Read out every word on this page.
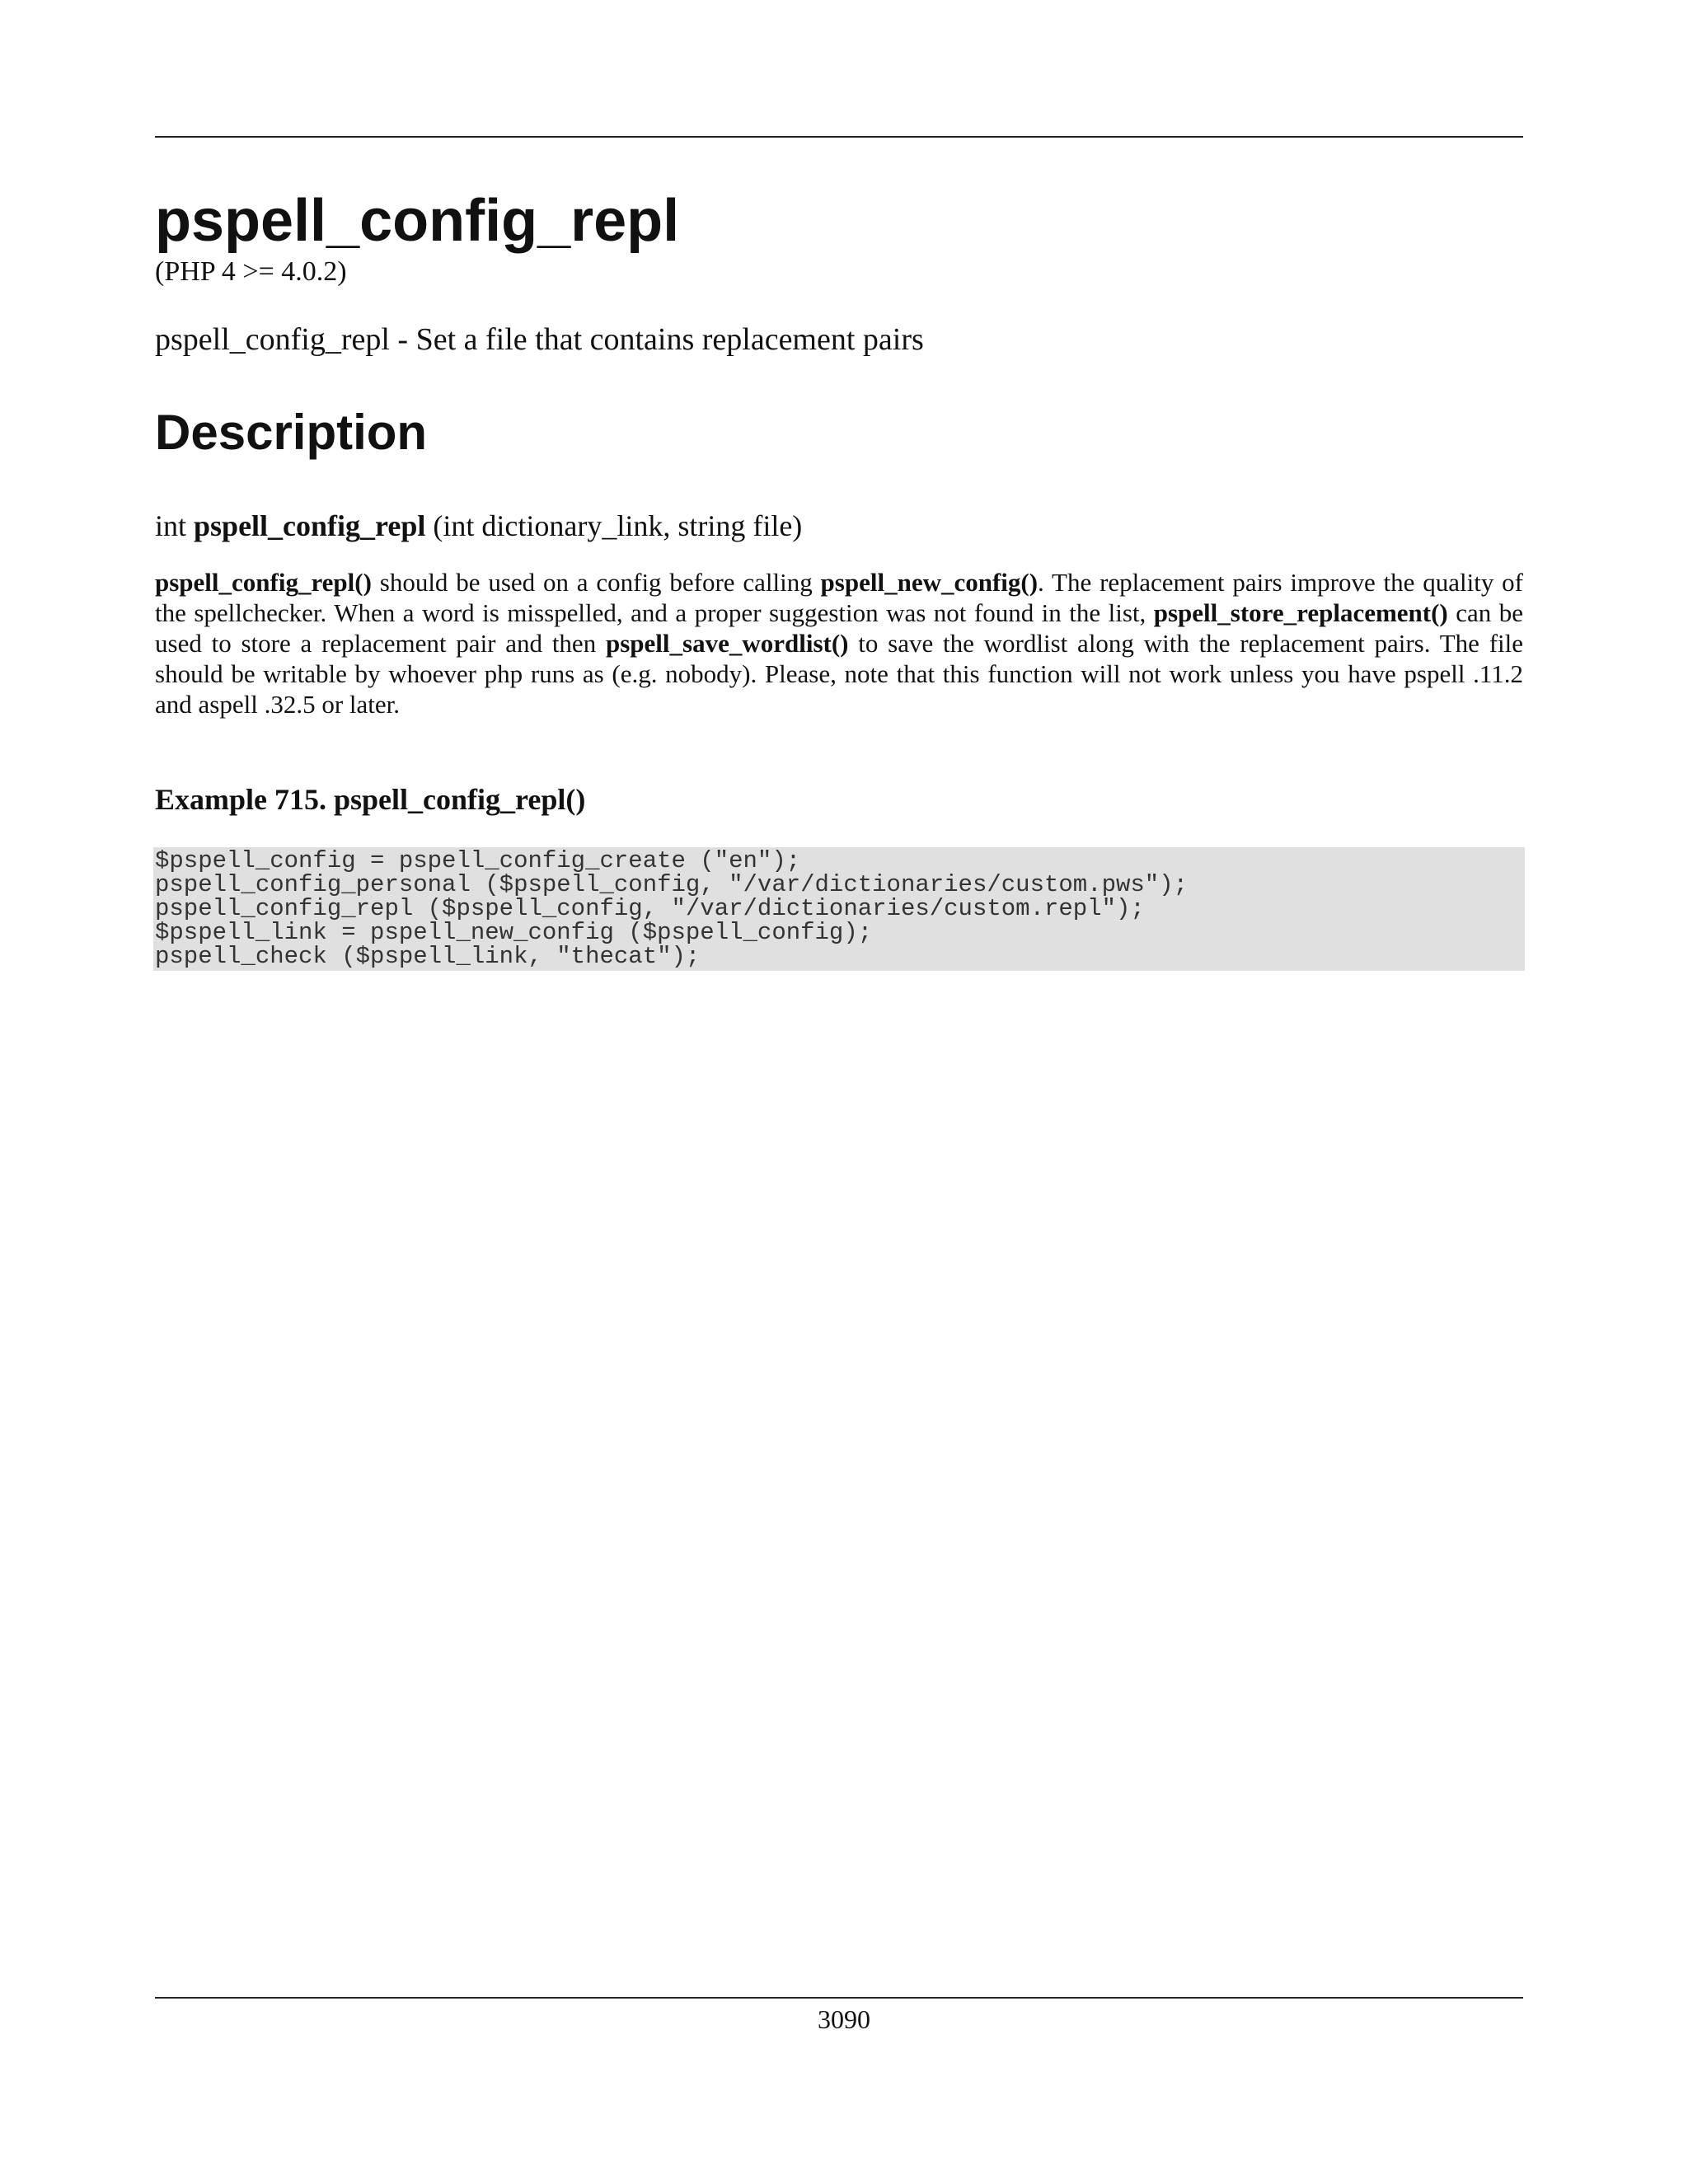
pspell_config_repl
(PHP 4 >= 4.0.2)
pspell_config_repl - Set a file that contains replacement pairs
Description
int pspell_config_repl (int dictionary_link, string file)

pspell_config_repl() should be used on a config before calling pspell_new_config(). The replacement pairs improve the quality of the spellchecker. When a word is misspelled, and a proper suggestion was not found in the list, pspell_store_replacement() can be used to store a replacement pair and then pspell_save_wordlist() to save the wordlist along with the replacement pairs. The file should be writable by whoever php runs as (e.g. nobody). Please, note that this function will not work unless you have pspell .11.2 and aspell .32.5 or later.

Example 715. pspell_config_repl()
$pspell_config = pspell_config_create ("en");
pspell_config_personal ($pspell_config, "/var/dictionaries/custom.pws");
pspell_config_repl ($pspell_config, "/var/dictionaries/custom.repl");
$pspell_link = pspell_new_config ($pspell_config);
pspell_check ($pspell_link, "thecat");
3090
